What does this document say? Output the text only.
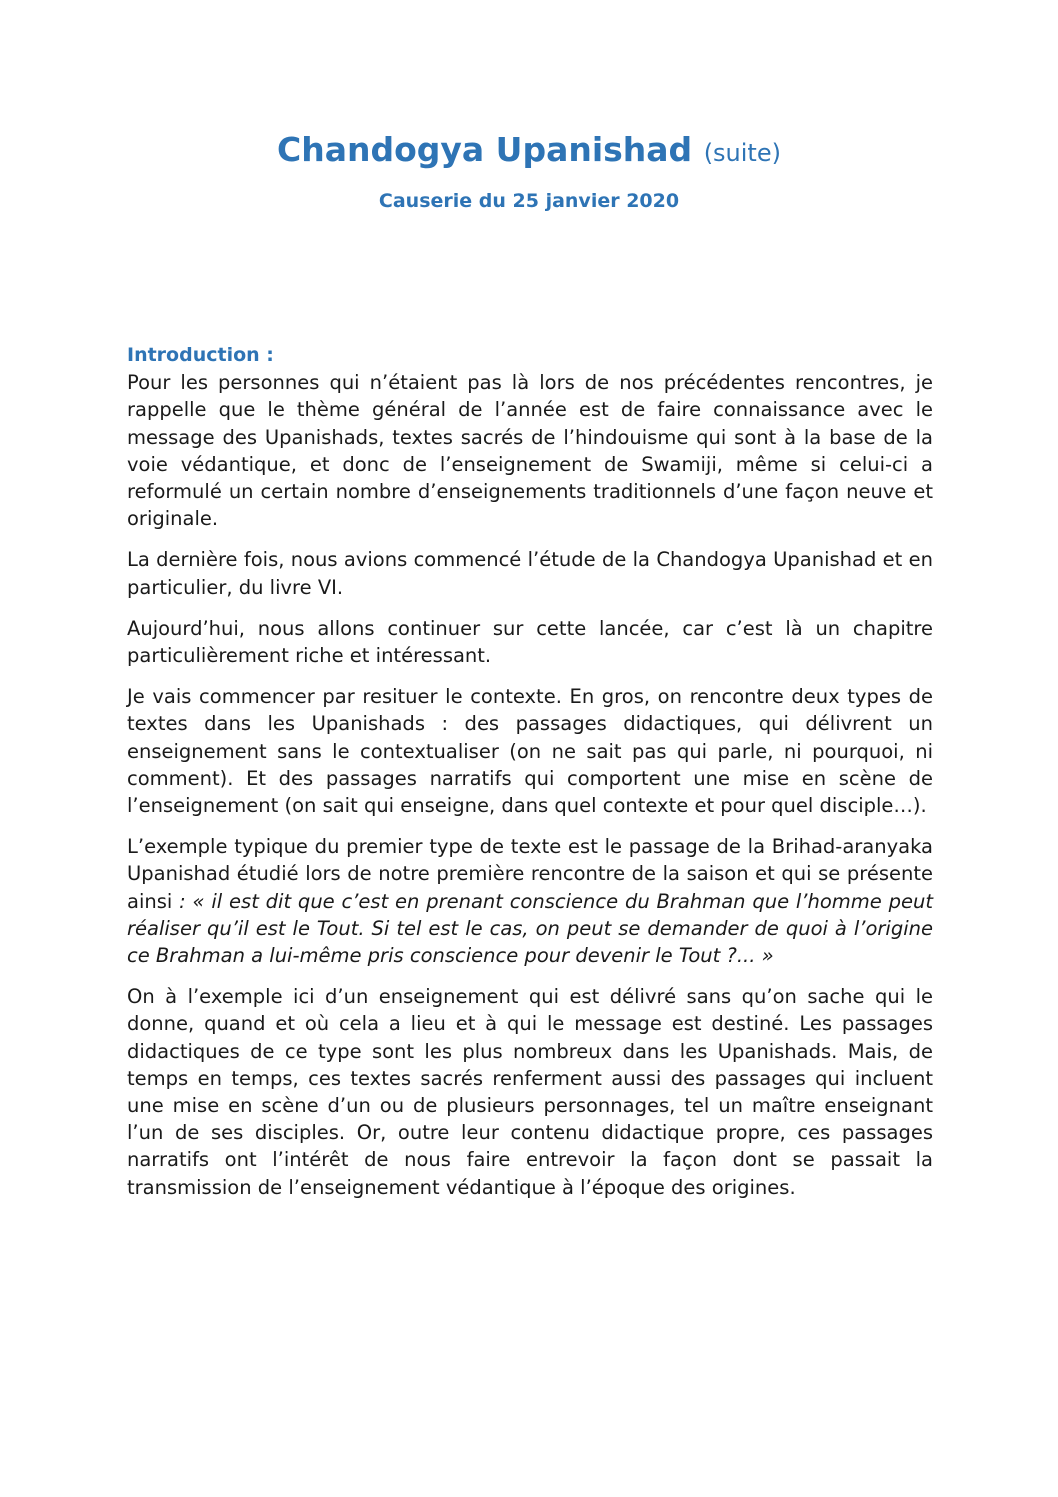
Chandogya Upanishad (suite)

Causerie du 25 janvier 2020

Introduction :

Pour les personnes qui n’étaient pas là lors de nos précédentes rencontres, je rappelle que le thème général de l’année est de faire connaissance avec le message des Upanishads, textes sacrés de l’hindouisme qui sont à la base de la voie védantique, et donc de l’enseignement de Swamiji, même si celui-ci a reformulé un certain nombre d’enseignements traditionnels d’une façon neuve et originale.

La dernière fois, nous avions commencé l’étude de la Chandogya Upanishad et en particulier, du livre VI.

Aujourd’hui, nous allons continuer sur cette lancée, car c’est là un chapitre particulièrement riche et intéressant.

Je vais commencer par resituer le contexte. En gros, on rencontre deux types de textes dans les Upanishads : des passages didactiques, qui délivrent un enseignement sans le contextualiser (on ne sait pas qui parle, ni pourquoi, ni comment). Et des passages narratifs qui comportent une mise en scène de l’enseignement (on sait qui enseigne, dans quel contexte et pour quel disciple…).

L’exemple typique du premier type de texte est le passage de la Brihad-aranyaka Upanishad étudié lors de notre première rencontre de la saison et qui se présente ainsi : « il est dit que c’est en prenant conscience du Brahman que l’homme peut réaliser qu’il est le Tout. Si tel est le cas, on peut se demander de quoi à l’origine ce Brahman a lui-même pris conscience pour devenir le Tout ?... »

On à l’exemple ici d’un enseignement qui est délivré sans qu’on sache qui le donne, quand et où cela a lieu et à qui le message est destiné. Les passages didactiques de ce type sont les plus nombreux dans les Upanishads. Mais, de temps en temps, ces textes sacrés renferment aussi des passages qui incluent une mise en scène d’un ou de plusieurs personnages, tel un maître enseignant l’un de ses disciples. Or, outre leur contenu didactique propre, ces passages narratifs ont l’intérêt de nous faire entrevoir la façon dont se passait la transmission de l’enseignement védantique à l’époque des origines.
